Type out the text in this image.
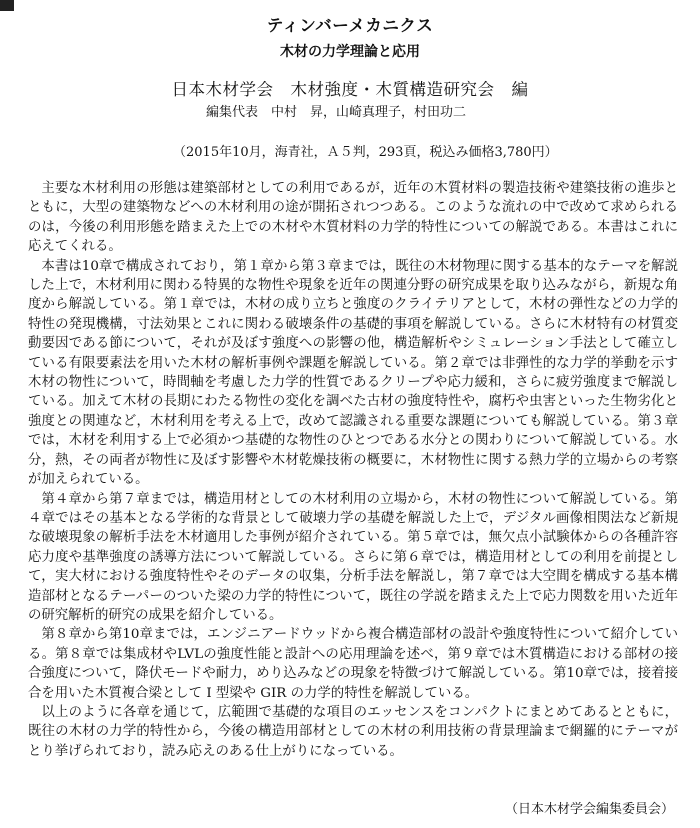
ティンバーメカニクス
木材の力学理論と応用
日本木材学会　木材強度・木質構造研究会　編
編集代表　中村　昇，山崎真理子，村田功二
（2015年10月，海青社，Ａ５判，293頁，税込み価格3,780円）

主要な木材利用の形態は建築部材としての利用であるが，近年の木質材料の製造技術や建築技術の進歩とともに，大型の建築物などへの木材利用の途が開拓されつつある。このような流れの中で改めて求められるのは，今後の利用形態を踏まえた上での木材や木質材料の力学的特性についての解説である。本書はこれに応えてくれる。

本書は10章で構成されており，第１章から第３章までは，既往の木材物理に関する基本的なテーマを解説した上で，木材利用に関わる特異的な物性や現象を近年の関連分野の研究成果を取り込みながら，新規な角度から解説している。第１章では，木材の成り立ちと強度のクライテリアとして，木材の弾性などの力学的特性の発現機構，寸法効果とこれに関わる破壊条件の基礎的事項を解説している。さらに木材特有の材質変動要因である節について，それが及ぼす強度への影響の他，構造解析やシミュレーション手法として確立している有限要素法を用いた木材の解析事例や課題を解説している。第２章では非弾性的な力学的挙動を示す木材の物性について，時間軸を考慮した力学的性質であるクリープや応力緩和，さらに疲労強度まで解説している。加えて木材の長期にわたる物性の変化を調べた古材の強度特性や，腐朽や虫害といった生物劣化と強度との関連など，木材利用を考える上で，改めて認識される重要な課題についても解説している。第３章では，木材を利用する上で必須かつ基礎的な物性のひとつである水分との関わりについて解説している。水分，熱，その両者が物性に及ぼす影響や木材乾燥技術の概要に，木材物性に関する熱力学的立場からの考察が加えられている。

第４章から第７章までは，構造用材としての木材利用の立場から，木材の物性について解説している。第４章ではその基本となる学術的な背景として破壊力学の基礎を解説した上で，デジタル画像相関法など新規な破壊現象の解析手法を木材適用した事例が紹介されている。第５章では，無欠点小試験体からの各種許容応力度や基準強度の誘導方法について解説している。さらに第６章では，構造用材としての利用を前提として，実大材における強度特性やそのデータの収集，分析手法を解説し，第７章では大空間を構成する基本構造部材となるテーパーのついた梁の力学的特性について，既往の学説を踏まえた上で応力関数を用いた近年の研究解析的研究の成果を紹介している。

第８章から第10章までは，エンジニアードウッドから複合構造部材の設計や強度特性について紹介している。第８章では集成材やLVLの強度性能と設計への応用理論を述べ，第９章では木質構造における部材の接合強度について，降伏モードや耐力，めり込みなどの現象を特徴づけて解説している。第10章では，接着接合を用いた木質複合梁として I 型梁や GIR の力学的特性を解説している。

以上のように各章を通じて，広範囲で基礎的な項目のエッセンスをコンパクトにまとめてあるとともに，既往の木材の力学的特性から，今後の構造用部材としての木材の利用技術の背景理論まで網羅的にテーマがとり挙げられており，読み応えのある仕上がりになっている。

（日本木材学会編集委員会）
